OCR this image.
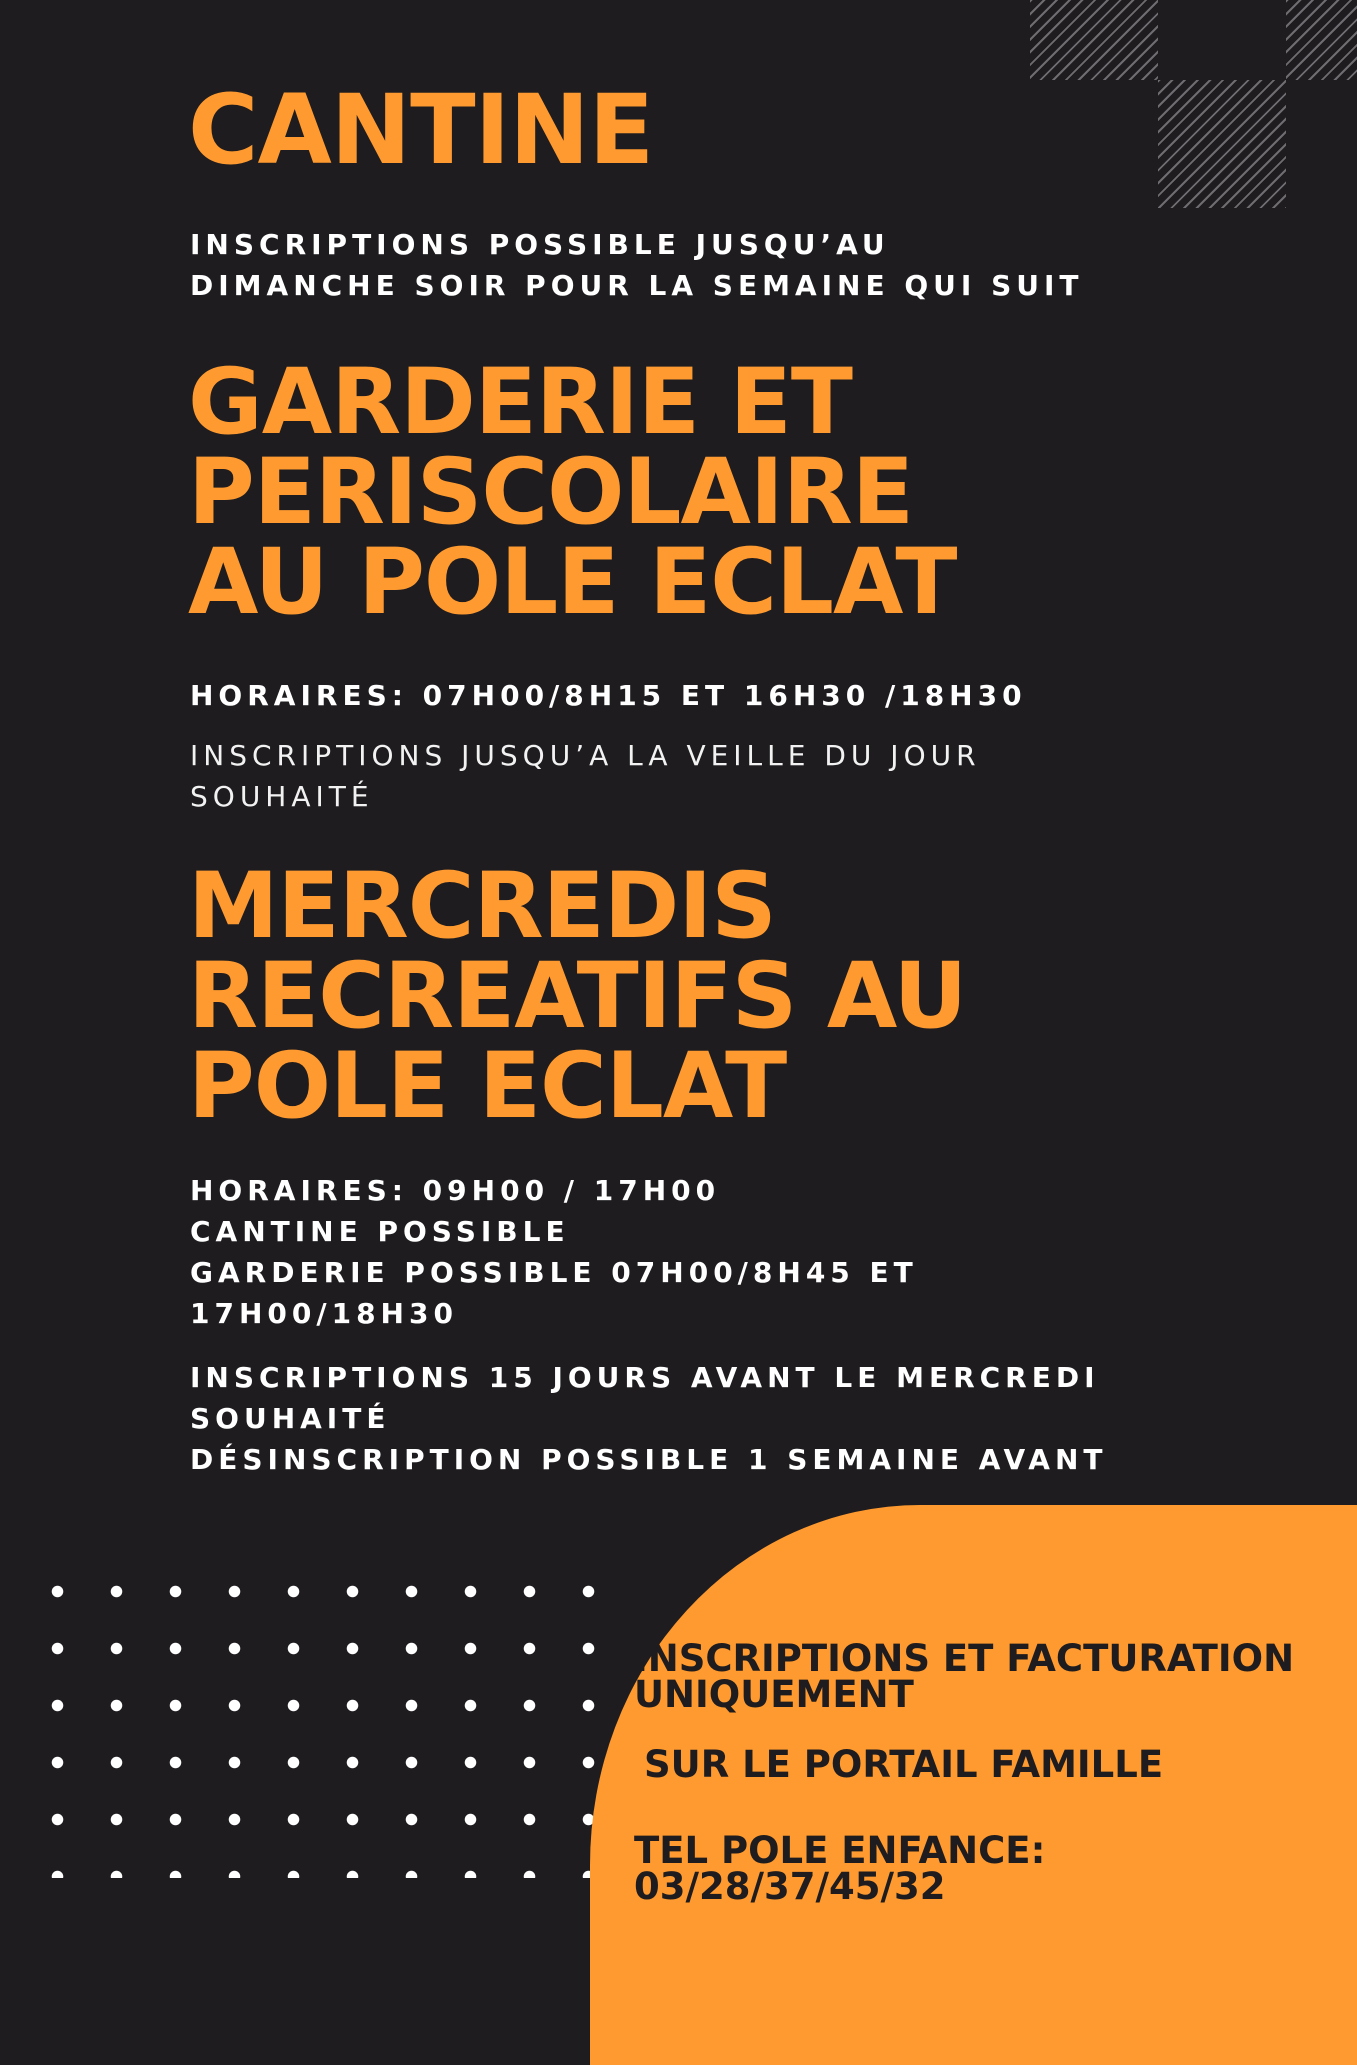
CANTINE

INSCRIPTIONS POSSIBLE JUSQU’AU
DIMANCHE SOIR POUR LA SEMAINE QUI SUIT

GARDERIE ET
PERISCOLAIRE
AU POLE ECLAT

HORAIRES: 07H00/8H15 ET 16H30 /18H30

INSCRIPTIONS JUSQU’A LA VEILLE DU JOUR
SOUHAITÉ

MERCREDIS
RECREATIFS AU
POLE ECLAT

HORAIRES: 09H00 / 17H00
CANTINE POSSIBLE
GARDERIE POSSIBLE 07H00/8H45 ET
17H00/18H30

INSCRIPTIONS 15 JOURS AVANT LE MERCREDI
SOUHAITÉ
DÉSINSCRIPTION POSSIBLE 1 SEMAINE AVANT

INSCRIPTIONS ET FACTURATION
UNIQUEMENT

SUR LE PORTAIL FAMILLE

TEL POLE ENFANCE:
03/28/37/45/32
